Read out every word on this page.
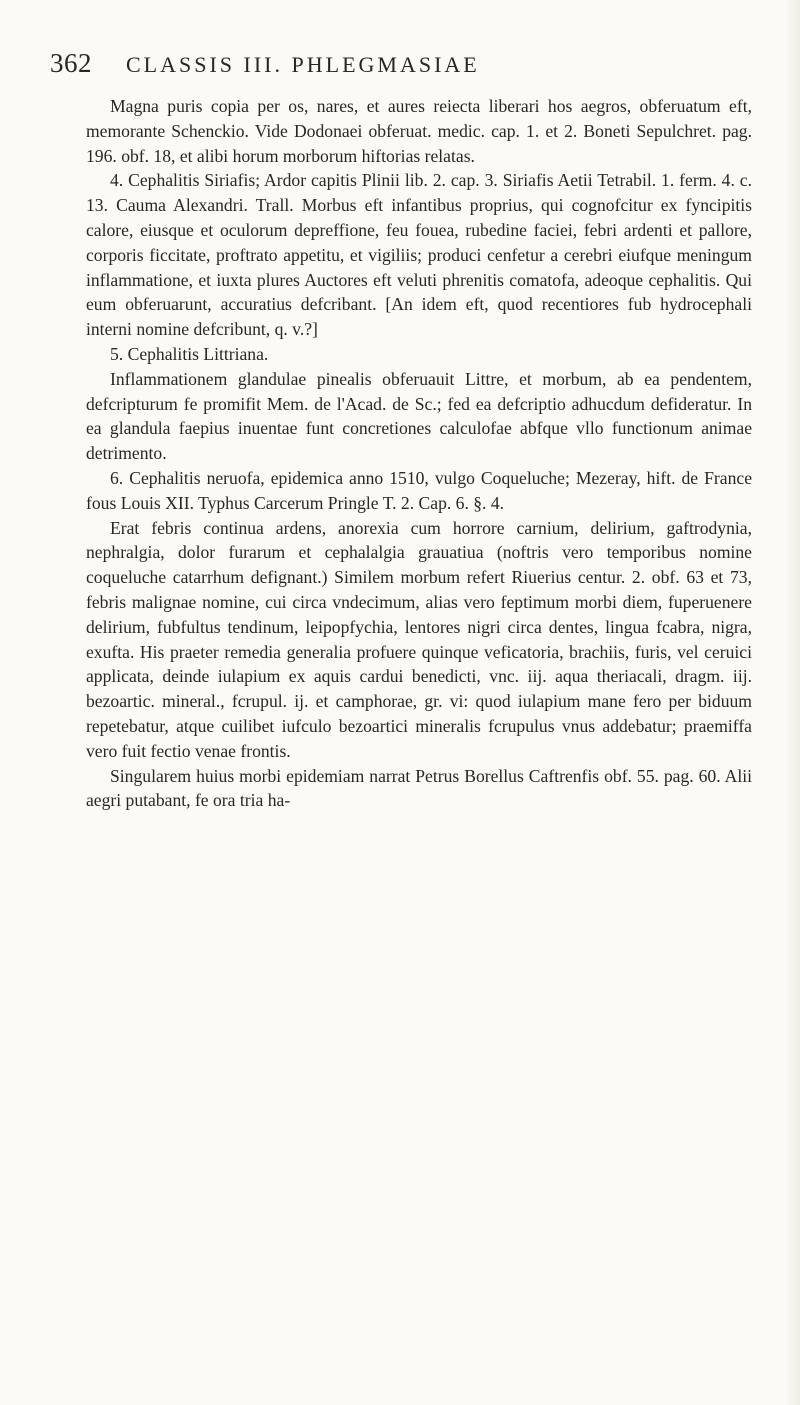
362 CLASSIS III. PHLEGMASIAE

Magna puris copia per os, nares, et aures reiecta liberari hos aegros, obferuatum eft, memorante Schenckio. Vide Dodonaei obferuat. medic. cap. 1. et 2. Boneti Sepulchret. pag. 196. obf. 18, et alibi horum morborum hiftorias relatas.

4. Cephalitis Siriafis; Ardor capitis Plinii lib. 2. cap. 3. Siriafis Aetii Tetrabil. 1. ferm. 4. c. 13. Cauma Alexandri. Trall. Morbus eft infantibus proprius, qui cognofcitur ex fyncipitis calore, eiusque et oculorum depreffione, feu fouea, rubedine faciei, febri ardenti et pallore, corporis ficcitate, proftrato appetitu, et vigiliis; produci cenfetur a cerebri eiufque meningum inflammatione, et iuxta plures Auctores eft veluti phrenitis comatofa, adeoque cephalitis. Qui eum obferuarunt, accuratius defcribant. [An idem eft, quod recentiores fub hydrocephali interni nomine defcribunt, q. v.?]

5. Cephalitis Littriana.

Inflammationem glandulae pinealis obferuauit Littre, et morbum, ab ea pendentem, defcripturum fe promifit Mem. de l'Acad. de Sc.; fed ea defcriptio adhucdum defideratur. In ea glandula faepius inuentae funt concretiones calculofae abfque vllo functionum animae detrimento.

6. Cephalitis neruofa, epidemica anno 1510, vulgo Coqueluche; Mezeray, hift. de France fous Louis XII. Typhus Carcerum Pringle T. 2. Cap. 6. §. 4.

Erat febris continua ardens, anorexia cum horrore carnium, delirium, gaftrodynia, nephralgia, dolor furarum et cephalalgia grauatiua (noftris vero temporibus nomine coqueluche catarrhum defignant.) Similem morbum refert Riuerius centur. 2. obf. 63 et 73, febris malignae nomine, cui circa vndecimum, alias vero feptimum morbi diem, fuperuenere delirium, fubfultus tendinum, leipopfychia, lentores nigri circa dentes, lingua fcabra, nigra, exufta. His praeter remedia generalia profuere quinque veficatoria, brachiis, furis, vel ceruici applicata, deinde iulapium ex aquis cardui benedicti, vnc. iij. aqua theriacali, dragm. iij. bezoartic. mineral., fcrupul. ij. et camphorae, gr. vi: quod iulapium mane fero per biduum repetebatur, atque cuilibet iufculo bezoartici mineralis fcrupulus vnus addebatur; praemiffa vero fuit fectio venae frontis.

Singularem huius morbi epidemiam narrat Petrus Borellus Caftrenfis obf. 55. pag. 60. Alii aegri putabant, fe ora tria ha-
